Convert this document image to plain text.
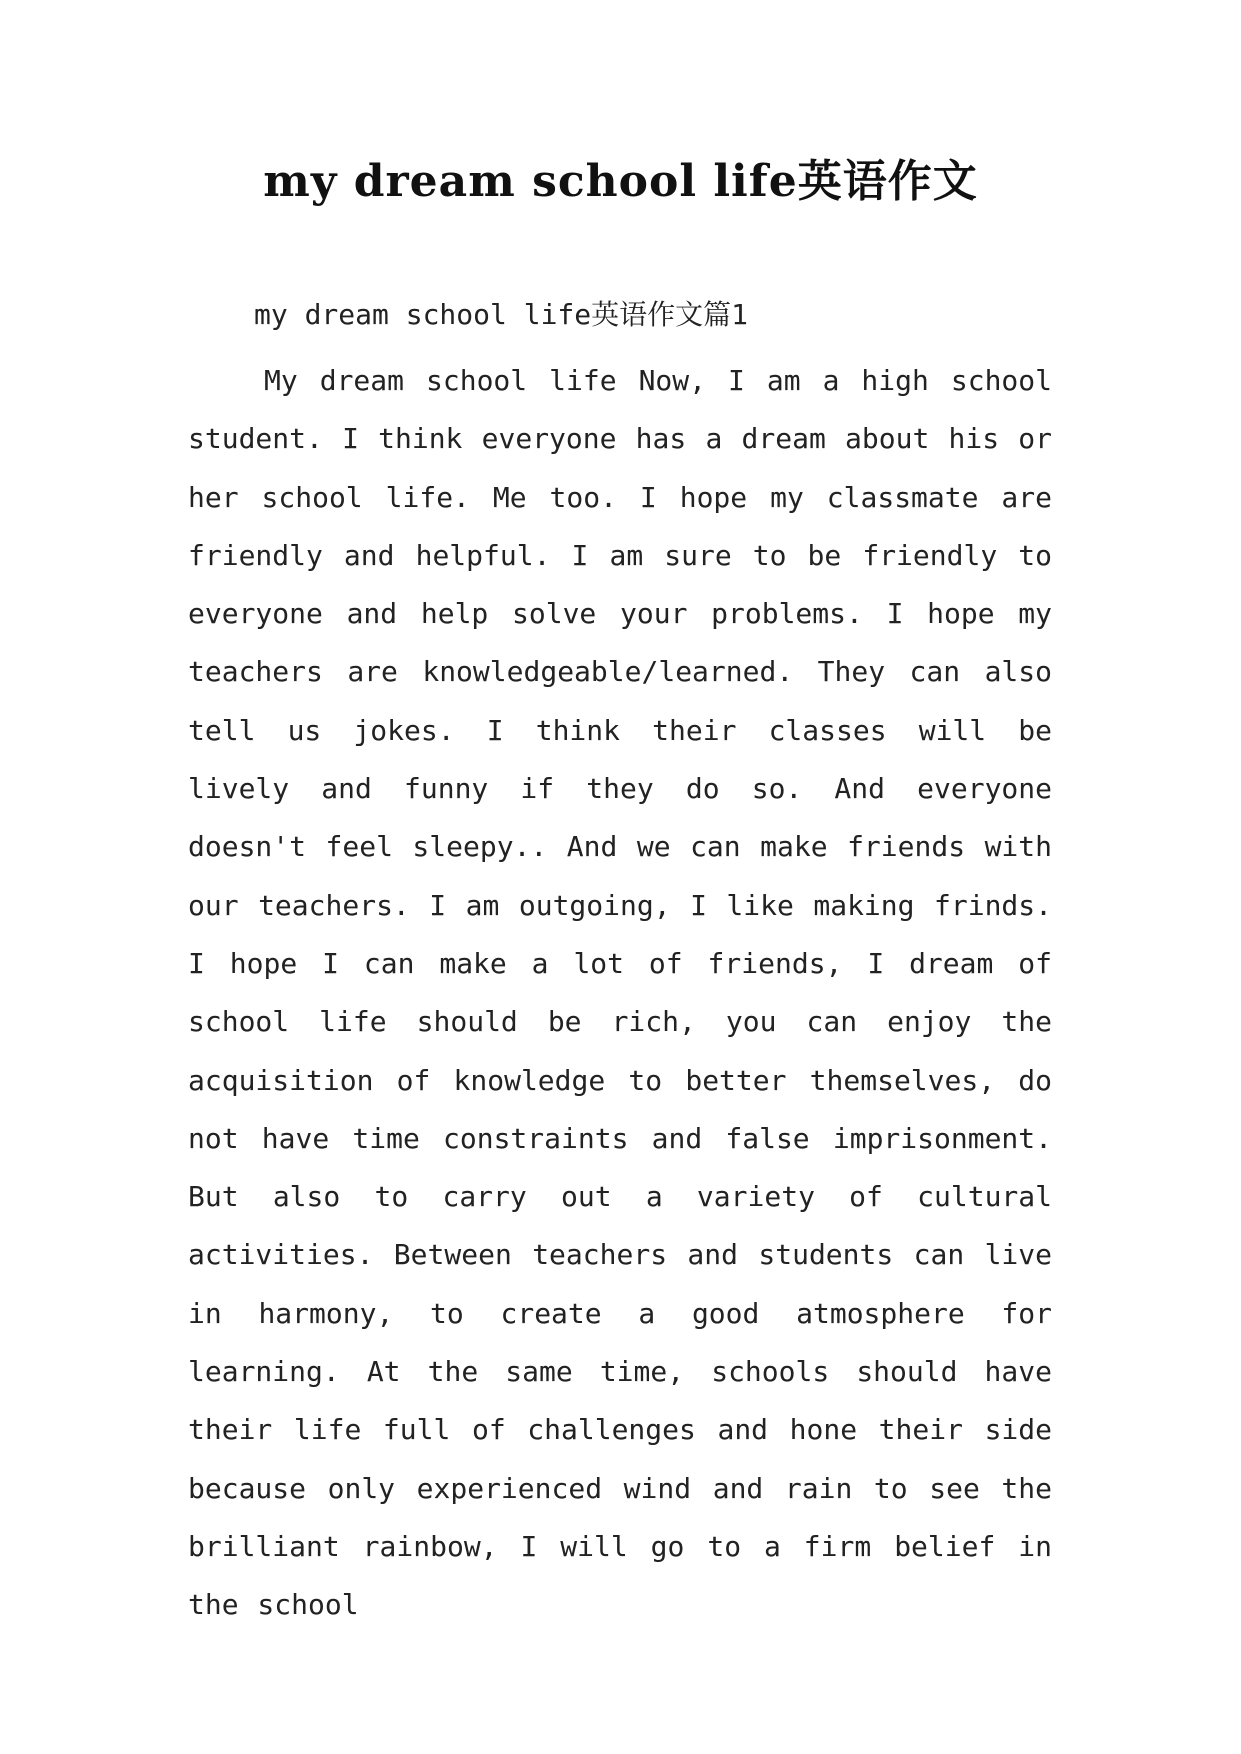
my dream school life英语作文
my dream school life英语作文篇1

My dream school life Now, I am a high school student. I think everyone has a dream about his or her school life. Me too. I hope my classmate are friendly and helpful. I am sure to be friendly to everyone and help solve your problems. I hope my teachers are knowledgeable/learned. They can also tell us jokes. I think their classes will be lively and funny if they do so. And everyone doesn't feel sleepy.. And we can make friends with our teachers. I am outgoing, I like making frinds. I hope I can make a lot of friends, I dream of school life should be rich, you can enjoy the acquisition of knowledge to better themselves, do not have time constraints and false imprisonment. But also to carry out a variety of cultural activities. Between teachers and students can live in harmony, to create a good atmosphere for learning. At the same time, schools should have their life full of challenges and hone their side because only experienced wind and rain to see the brilliant rainbow, I will go to a firm belief in the school
